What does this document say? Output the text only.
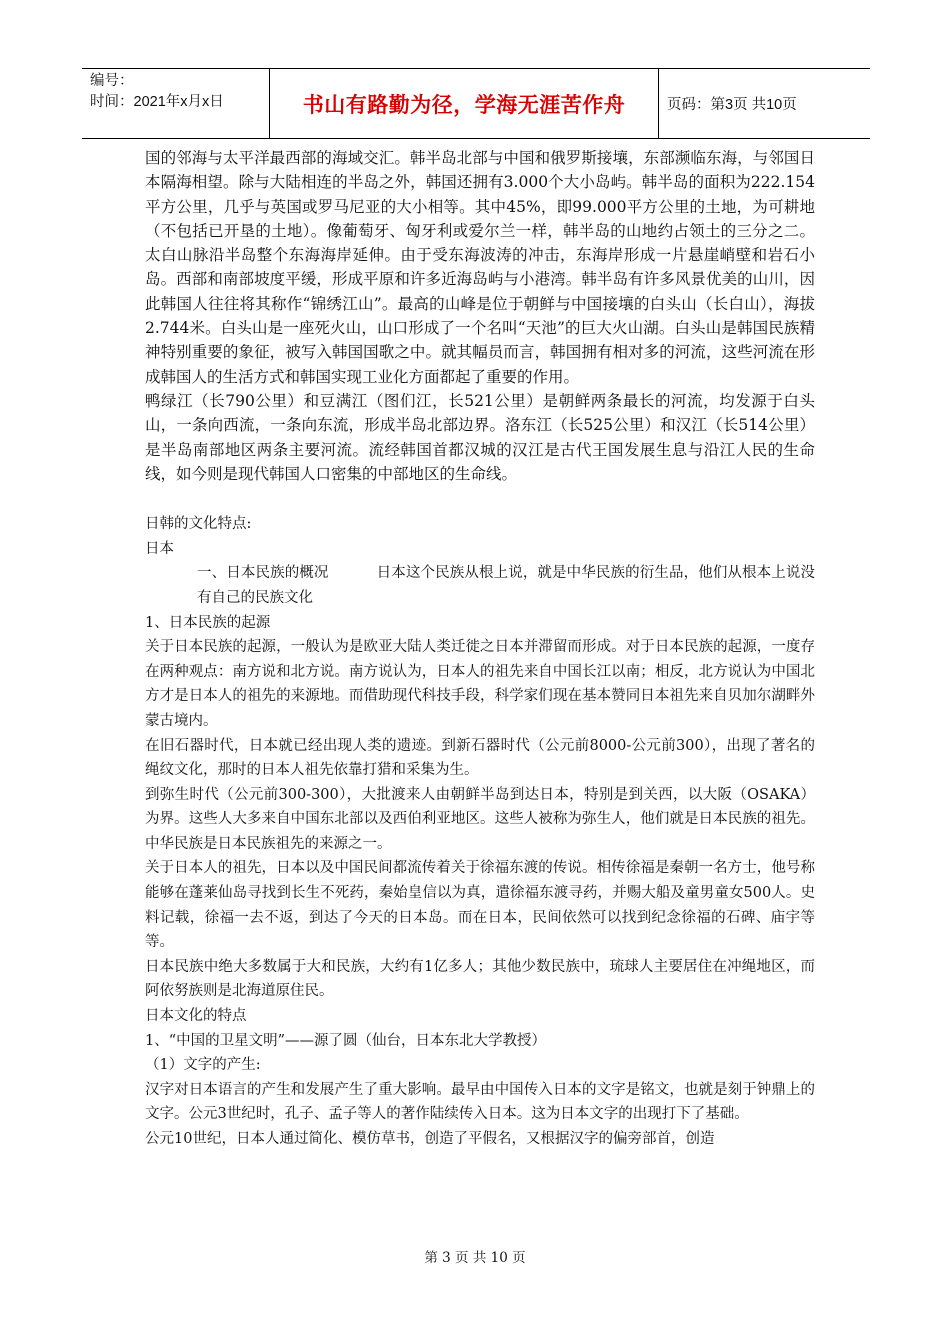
编号：
时间：2021年x月x日	书山有路勤为径，学海无涯苦作舟	页码：第3页 共10页

国的邻海与太平洋最西部的海域交汇。韩半岛北部与中国和俄罗斯接壤，东部濒临东海，与邻国日本隔海相望。除与大陆相连的半岛之外，韩国还拥有3.000个大小岛屿。韩半岛的面积为222.154平方公里，几乎与英国或罗马尼亚的大小相等。其中45%，即99.000平方公里的土地，为可耕地（不包括已开垦的土地）。像葡萄牙、匈牙利或爱尔兰一样，韩半岛的山地约占领土的三分之二。太白山脉沿半岛整个东海海岸延伸。由于受东海波涛的冲击，东海岸形成一片悬崖峭壁和岩石小岛。西部和南部坡度平缓，形成平原和许多近海岛屿与小港湾。韩半岛有许多风景优美的山川，因此韩国人往往将其称作“锦绣江山”。最高的山峰是位于朝鲜与中国接壤的白头山（长白山），海拔2.744米。白头山是一座死火山，山口形成了一个名叫“天池”的巨大火山湖。白头山是韩国民族精神特别重要的象征，被写入韩国国歌之中。就其幅员而言，韩国拥有相对多的河流，这些河流在形成韩国人的生活方式和韩国实现工业化方面都起了重要的作用。

鸭绿江（长790公里）和豆满江（图们江，长521公里）是朝鲜两条最长的河流，均发源于白头山，一条向西流，一条向东流，形成半岛北部边界。洛东江（长525公里）和汉江（长514公里）是半岛南部地区两条主要河流。流经韩国首都汉城的汉江是古代王国发展生息与沿江人民的生命线，如今则是现代韩国人口密集的中部地区的生命线。

日韩的文化特点:

日本

一、日本民族的概况	日本这个民族从根上说，就是中华民族的衍生品，他们从根本上说没有自己的民族文化

1、日本民族的起源

关于日本民族的起源，一般认为是欧亚大陆人类迁徙之日本并滞留而形成。对于日本民族的起源，一度存在两种观点：南方说和北方说。南方说认为，日本人的祖先来自中国长江以南；相反，北方说认为中国北方才是日本人的祖先的来源地。而借助现代科技手段，科学家们现在基本赞同日本祖先来自贝加尔湖畔外蒙古境内。

在旧石器时代，日本就已经出现人类的遗迹。到新石器时代（公元前8000-公元前300），出现了著名的绳纹文化，那时的日本人祖先依靠打猎和采集为生。

到弥生时代（公元前300-300），大批渡来人由朝鲜半岛到达日本，特别是到关西，以大阪（OSAKA）为界。这些人大多来自中国东北部以及西伯利亚地区。这些人被称为弥生人，他们就是日本民族的祖先。中华民族是日本民族祖先的来源之一。

关于日本人的祖先，日本以及中国民间都流传着关于徐福东渡的传说。相传徐福是秦朝一名方士，他号称能够在蓬莱仙岛寻找到长生不死药，秦始皇信以为真，遣徐福东渡寻药，并赐大船及童男童女500人。史料记载，徐福一去不返，到达了今天的日本岛。而在日本，民间依然可以找到纪念徐福的石碑、庙宇等等。

日本民族中绝大多数属于大和民族，大约有1亿多人；其他少数民族中，琉球人主要居住在冲绳地区，而阿依努族则是北海道原住民。

日本文化的特点

1、“中国的卫星文明”——源了圆（仙台，日本东北大学教授）

（1）文字的产生:

汉字对日本语言的产生和发展产生了重大影响。最早由中国传入日本的文字是铭文，也就是刻于钟鼎上的文字。公元3世纪时，孔子、孟子等人的著作陆续传入日本。这为日本文字的出现打下了基础。

公元10世纪，日本人通过简化、模仿草书，创造了平假名，又根据汉字的偏旁部首，创造

第 3 页 共 10 页
